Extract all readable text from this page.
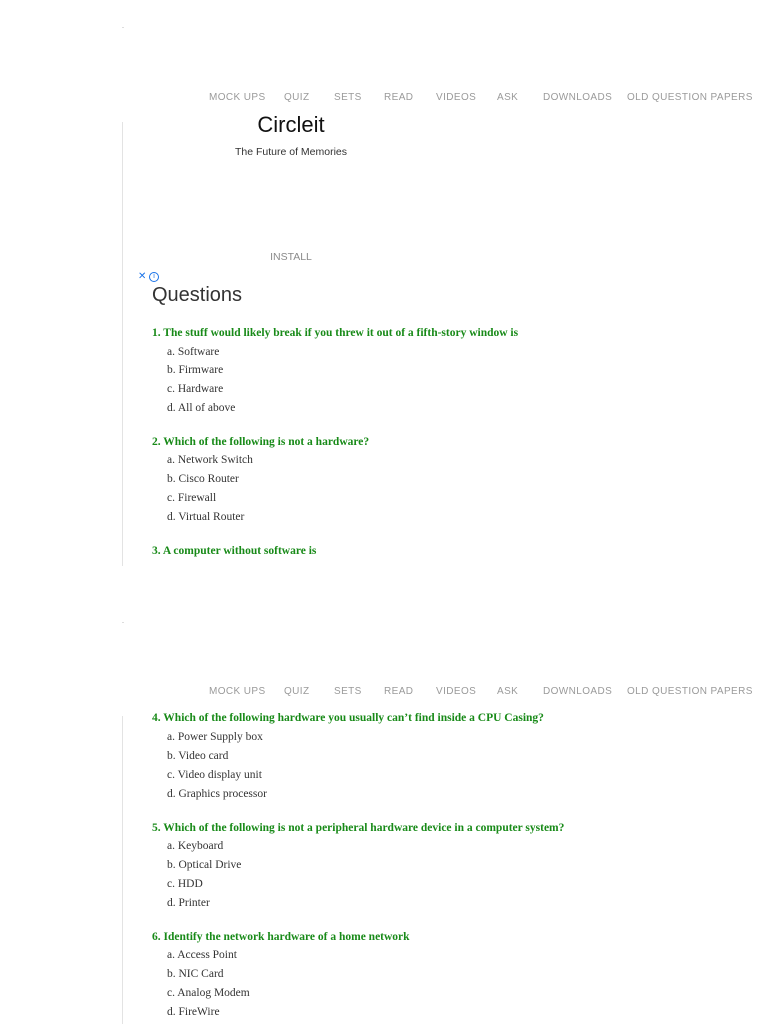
MOCK UPS QUIZ SETS READ VIDEOS ASK DOWNLOADS OLD QUESTION PAPERS
Circleit
The Future of Memories
INSTALL
✕ i
Questions
1. The stuff would likely break if you threw it out of a fifth-story window is
a. Software
b. Firmware
c. Hardware
d. All of above
2. Which of the following is not a hardware?
a. Network Switch
b. Cisco Router
c. Firewall
d. Virtual Router
3. A computer without software is
MOCK UPS QUIZ SETS READ VIDEOS ASK DOWNLOADS OLD QUESTION PAPERS
4. Which of the following hardware you usually can’t find inside a CPU Casing?
a. Power Supply box
b. Video card
c. Video display unit
d. Graphics processor
5. Which of the following is not a peripheral hardware device in a computer system?
a. Keyboard
b. Optical Drive
c. HDD
d. Printer
6. Identify the network hardware of a home network
a. Access Point
b. NIC Card
c. Analog Modem
d. FireWire
